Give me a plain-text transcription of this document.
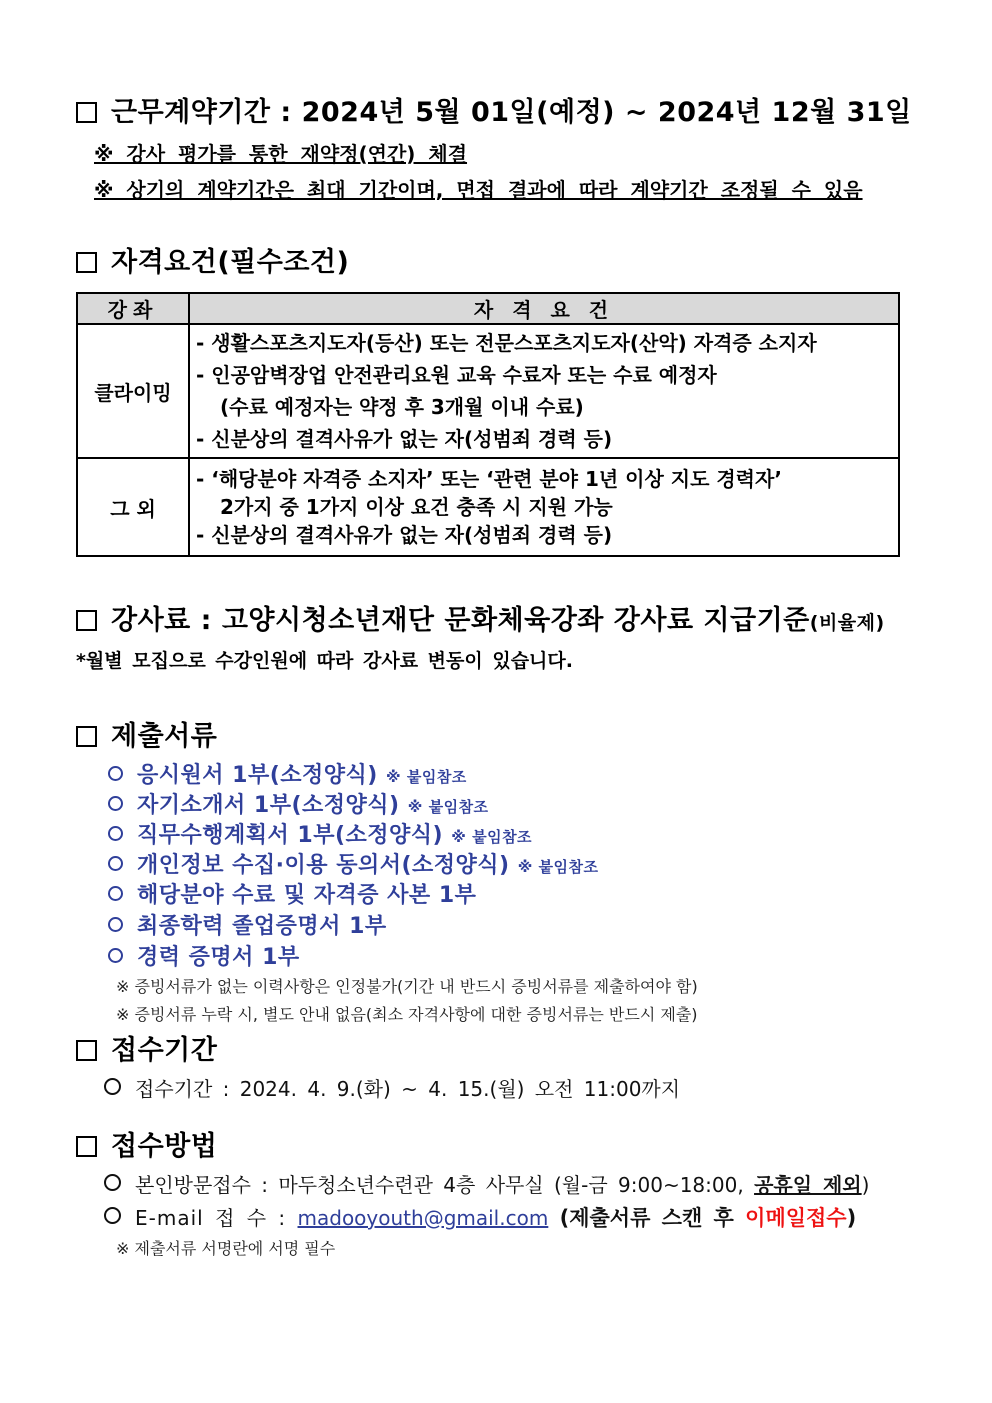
근무계약기간 : 2024년 5월 01일(예정) ~ 2024년 12월 31일
※ 강사 평가를 통한 재약정(연간) 체결
※ 상기의 계약기간은 최대 기간이며, 면접 결과에 따라 계약기간 조정될 수 있음
자격요건(필수조건)
강좌	자 격 요 건
클라이밍	- 생활스포츠지도자(등산) 또는 전문스포츠지도자(산악) 자격증 소지자
- 인공암벽장업 안전관리요원 교육 수료자 또는 수료 예정자
(수료 예정자는 약정 후 3개월 이내 수료)
- 신분상의 결격사유가 없는 자(성범죄 경력 등)

그 외	- ‘해당분야 자격증 소지자’ 또는 ‘관련 분야 1년 이상 지도 경력자’
2가지 중 1가지 이상 요건 충족 시 지원 가능
- 신분상의 결격사유가 없는 자(성범죄 경력 등)
강사료 : 고양시청소년재단 문화체육강좌 강사료 지급기준(비율제)
*월별 모집으로 수강인원에 따라 강사료 변동이 있습니다.
제출서류
응시원서 1부(소정양식) ※ 붙임참조
자기소개서 1부(소정양식) ※ 붙임참조
직무수행계획서 1부(소정양식) ※ 붙임참조
개인정보 수집·이용 동의서(소정양식) ※ 붙임참조
해당분야 수료 및 자격증 사본 1부
최종학력 졸업증명서 1부
경력 증명서 1부
※ 증빙서류가 없는 이력사항은 인정불가(기간 내 반드시 증빙서류를 제출하여야 함)
※ 증빙서류 누락 시, 별도 안내 없음(최소 자격사항에 대한 증빙서류는 반드시 제출)
접수기간
접수기간 : 2024. 4. 9.(화) ~ 4. 15.(월) 오전 11:00까지
접수방법
본인방문접수 : 마두청소년수련관 4층 사무실 (월-금 9:00~18:00, 공휴일 제외)
E-mail 접 수 : madooyouth@gmail.com (제출서류 스캔 후 이메일접수)
※ 제출서류 서명란에 서명 필수
